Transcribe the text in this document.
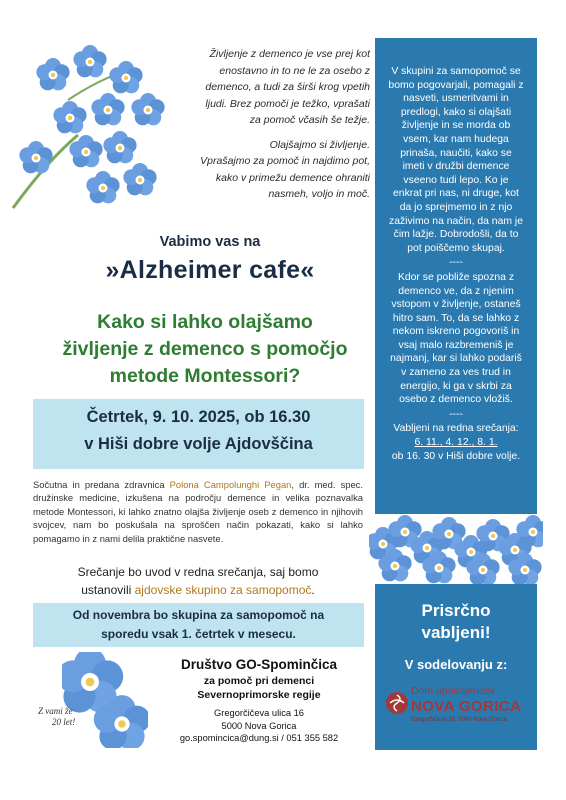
Življenje z demenco je vse prej kot
enostavno in to ne le za osebo z
demenco, a tudi za širši krog vpetih
ljudi. Brez pomoči je težko, vprašati
za pomoč včasih še težje.

Olajšajmo si življenje.
Vprašajmo za pomoč in najdimo pot,
kako v primežu demence ohraniti
nasmeh, voljo in moč.

Vabimo vas na
»Alzheimer cafe«
Kako si lahko olajšamo
življenje z demenco s pomočjo
metode Montessori?
Četrtek, 9. 10. 2025, ob 16.30
v Hiši dobre volje Ajdovščina
Sočutna in predana zdravnica Polona Campolunghi Pegan, dr. med. spec. družinske medicine, izkušena na področju demence in velika poznavalka metode Montessori, ki lahko znatno olajša življenje oseb z demenco in njihovih svojcev, nam bo poskušala na sproščen način pokazati, kako si lahko pomagamo in z nami delila praktične nasvete.
Srečanje bo uvod v redna srečanja, saj bomo
ustanovili ajdovske skupino za samopomoč.
Od novembra bo skupina za samopomoč na
sporedu vsak 1. četrtek v mesecu.

V skupini za samopomoč se
bomo pogovarjali, pomagali z
nasveti, usmeritvami in
predlogi, kako si olajšati
življenje in se morda ob
vsem, kar nam hudega
prinaša, naučiti, kako se
imeti v družbi demence
vseeno tudi lepo. Ko je
enkrat pri nas, ni druge, kot
da jo sprejmemo in z njo
zaživimo na način, da nam je
čim lažje. Dobrodošli, da to
pot poiščemo skupaj.

----

Kdor se pobliže spozna z
demenco ve, da z njenim
vstopom v življenje, ostaneš
hitro sam. To, da se lahko z
nekom iskreno pogovoriš in
vsaj malo razbremeniš je
najmanj, kar si lahko podariš
v zameno za ves trud in
energijo, ki ga v skrbi za
osebo z demenco vložiš.

----

Vabljeni na redna srečanja:
6. 11., 4. 12., 8. 1.
ob 16. 30 v Hiši dobre volje.

Prisrčno
vabljeni!
V sodelovanju z:
Dom upokojencev
NOVA GORICA
Gregorčičeva 16, 5000 Nova Gorica
Z vami že
20 let!
Društvo GO-Spominčica
za pomoč pri demenci
Severnoprimorske regije
Gregorčičeva ulica 16
5000 Nova Gorica
go.spomincica@dung.si / 051 355 582
